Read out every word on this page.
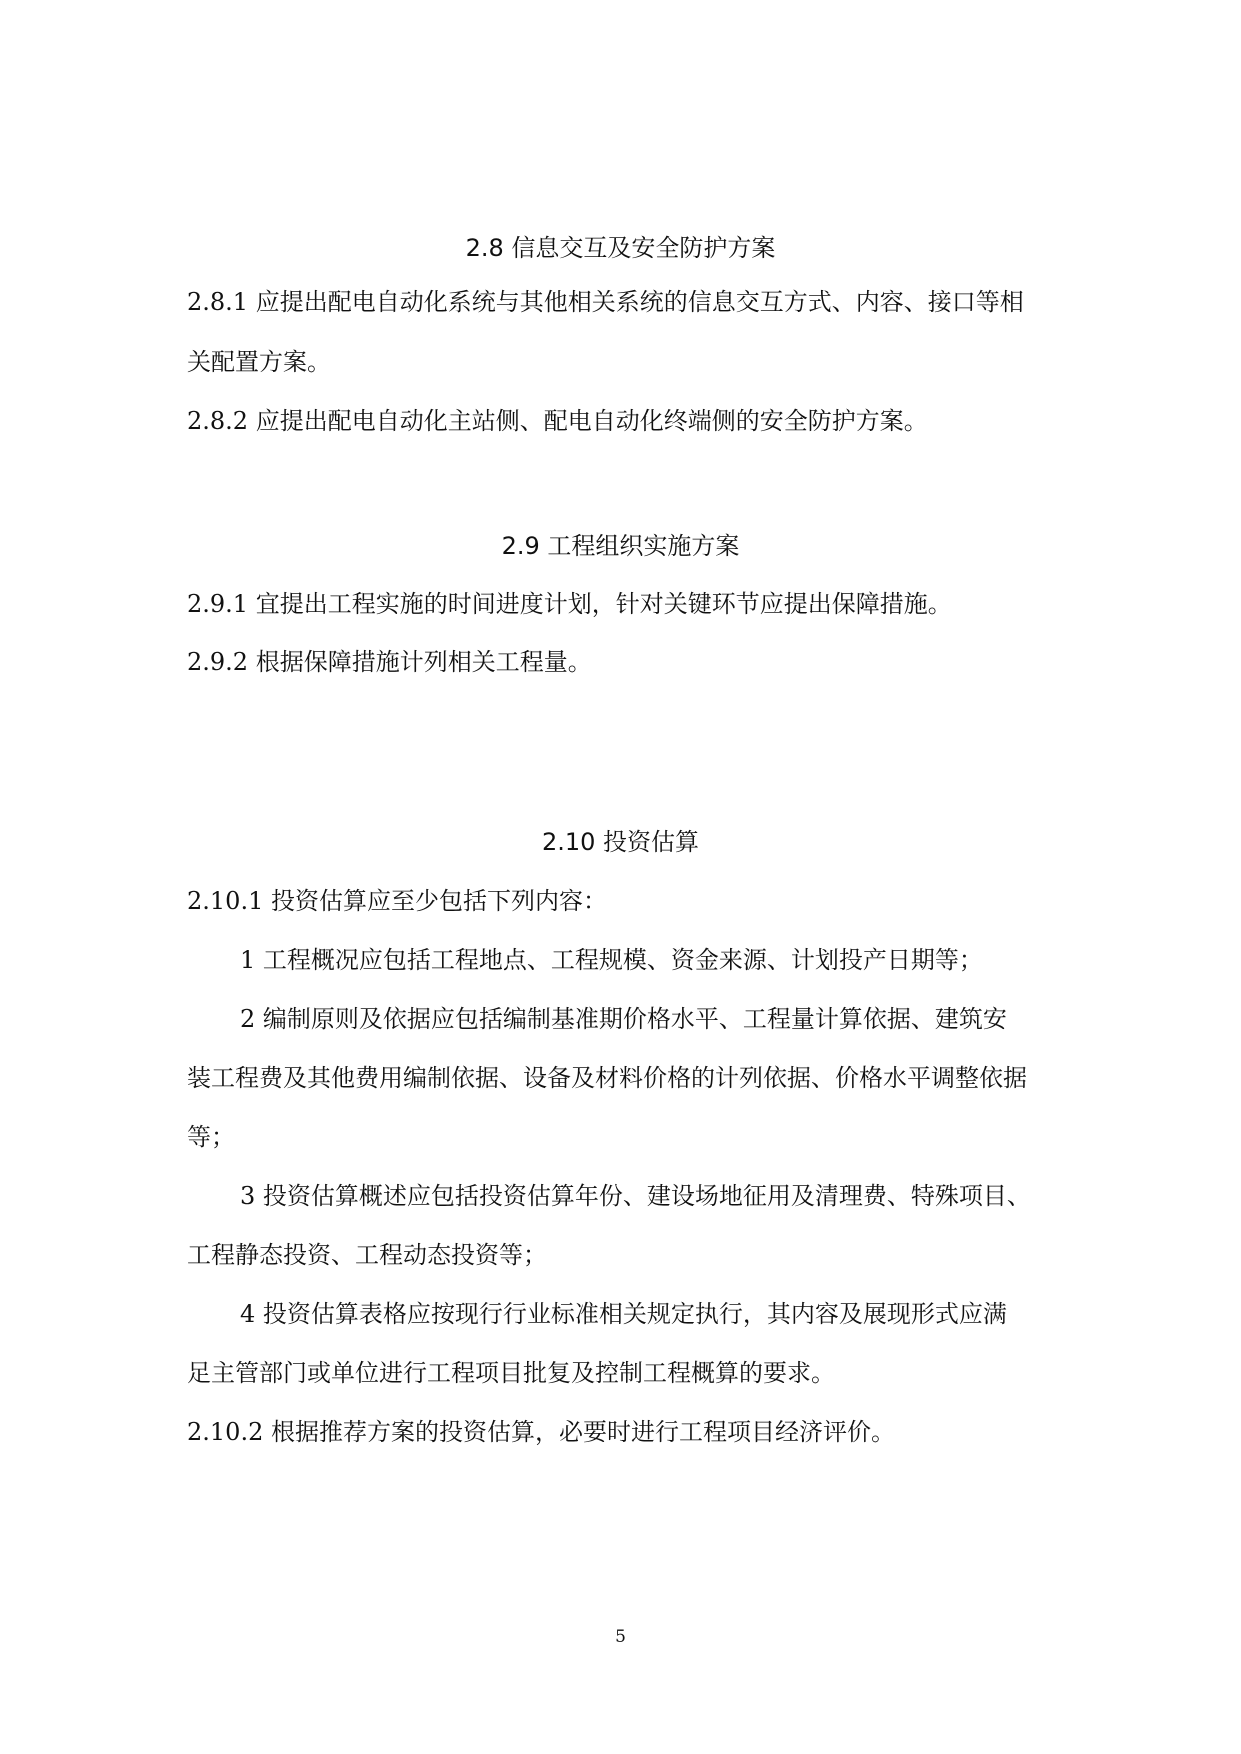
2.8 信息交互及安全防护方案
2.8.1 应提出配电自动化系统与其他相关系统的信息交互方式、内容、接口等相
关配置方案。
2.8.2 应提出配电自动化主站侧、配电自动化终端侧的安全防护方案。
2.9 工程组织实施方案
2.9.1 宜提出工程实施的时间进度计划，针对关键环节应提出保障措施。
2.9.2 根据保障措施计列相关工程量。
2.10 投资估算
2.10.1 投资估算应至少包括下列内容：
1 工程概况应包括工程地点、工程规模、资金来源、计划投产日期等；
2 编制原则及依据应包括编制基准期价格水平、工程量计算依据、建筑安
装工程费及其他费用编制依据、设备及材料价格的计列依据、价格水平调整依据
等；
3 投资估算概述应包括投资估算年份、建设场地征用及清理费、特殊项目、
工程静态投资、工程动态投资等；
4 投资估算表格应按现行行业标准相关规定执行，其内容及展现形式应满
足主管部门或单位进行工程项目批复及控制工程概算的要求。
2.10.2 根据推荐方案的投资估算，必要时进行工程项目经济评价。
5
